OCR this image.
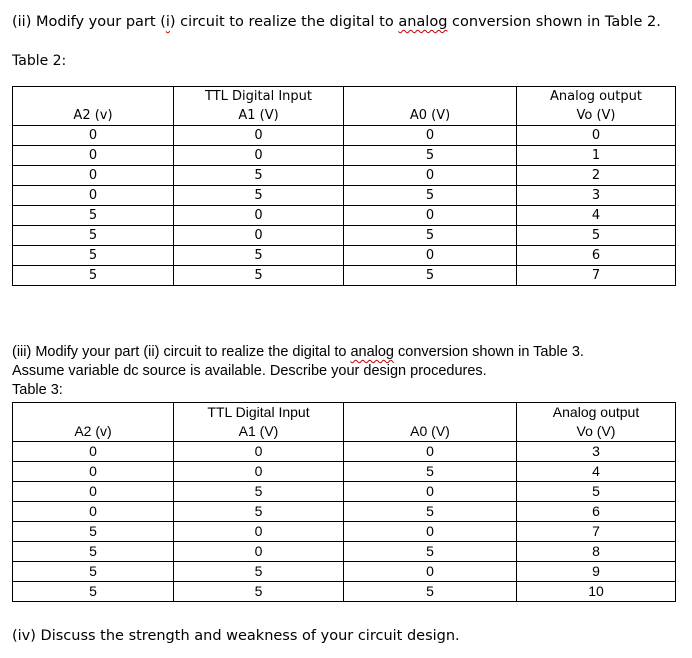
(ii) Modify your part (i) circuit to realize the digital to analog conversion shown in Table 2.

Table 2:

	TTL Digital Input		Analog output
A2 (v)	A1 (V)	A0 (V)	Vo (V)
0	0	0	0
0	0	5	1
0	5	0	2
0	5	5	3
5	0	0	4
5	0	5	5
5	5	0	6
5	5	5	7

(iii) Modify your part (ii) circuit to realize the digital to analog conversion shown in Table 3.

Assume variable dc source is available. Describe your design procedures.

Table 3:

	TTL Digital Input		Analog output
A2 (v)	A1 (V)	A0 (V)	Vo (V)
0	0	0	3
0	0	5	4
0	5	0	5
0	5	5	6
5	0	0	7
5	0	5	8
5	5	0	9
5	5	5	10

(iv) Discuss the strength and weakness of your circuit design.
